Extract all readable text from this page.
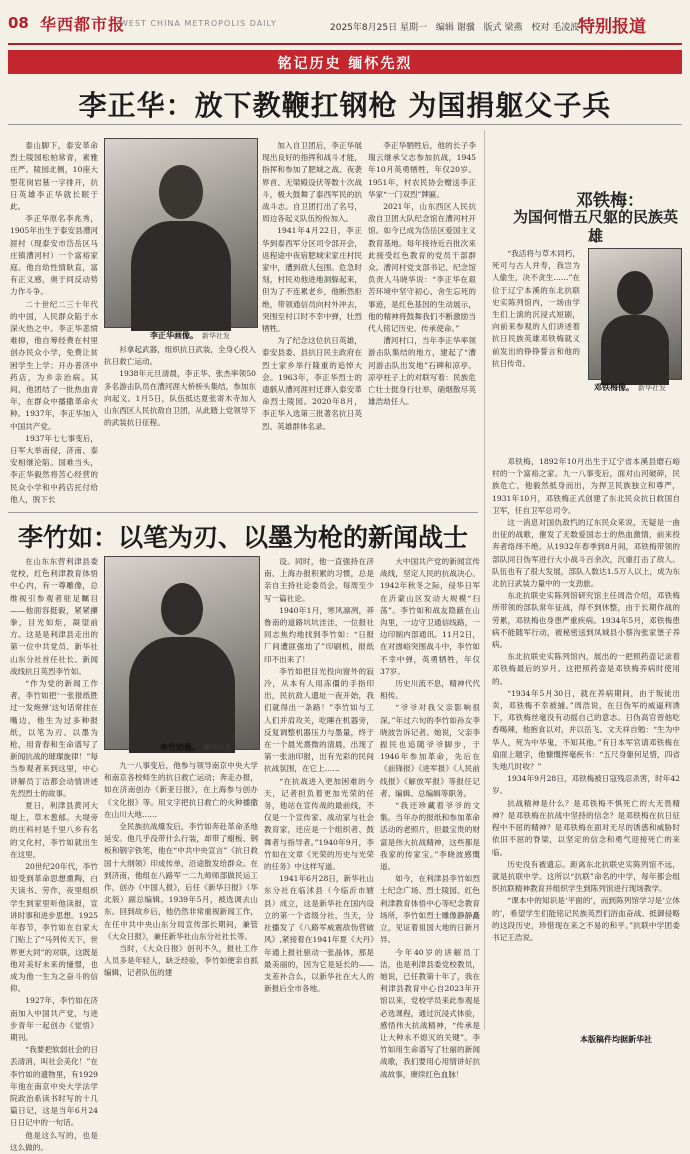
08 华西都市报
WEST CHINA METROPOLIS DAILY	2025年8月25日 星期一 编辑 谢骥 版式 梁燕 校对 毛凌波
特别报道
铭记历史 缅怀先烈
李正华：放下教鞭扛钢枪 为国捐躯父子兵

泰山脚下，泰安革命烈士陵园松柏常青，素雅庄严。陵园北侧，10座大型花岗岩墓一字排开，抗日英雄李正华就长眠于此。

李正华原名李兆秀，1905年出生于泰安县漕河涯村（现泰安市岱岳区马庄镇漕河村）一个富裕家庭。他自幼性情耿直，富有正义感，奥于同反动势力作斗争。

二十世纪二三十年代的中国，人民群众陷于水深火热之中。李正华悲愤难抑，他自筹经费在村里创办民众小学，免费让贫困学生上学；开办普济中药店，为乡亲治病。其间，他团结了一批热血青年，在群众中播撒革命火种。1937年，李正华加入中国共产党。

1937年七七事变后，日军大举南侵，济南、泰安相继沦陷。国难当头，李正华毅然将苦心经营的民众小学和中药店托付给他人，脱下长

李正华画像。 新华社发

衫拿起武器，组织抗日武装，全身心投入抗日救亡运动。

1938年元旦清晨，李正华、张杰率领50多名游击队员在漕河涯大桥桥头集结，参加东向起义。1月5日，队伍抵达夏张寄木寺加入山东西区人民抗敌自卫团，从此踏上党领导下的武装抗日征程。

加入自卫团后，李正华展现出良好的指挥和战斗才能，指挥和参加了肥城之战、夜袭界首、无梁殿设伏等数十次战斗，极大鼓舞了泰西军民的抗战斗志。自卫团打出了名号，周边各起义队伍纷纷加入。

1941年4月22日，李正华到泰西军分区司令部开会，返程途中夜宿肥城宋家庄村民家中，遭到敌人包围。危急时刻，村民劝他进地洞躲起来，但为了不连累老乡，他断然拒绝，带领通信员向村外冲去，突围至村口时不幸中弹，壮烈牺牲。

为了纪念这位抗日英雄，泰安县委、县抗日民主政府在烈士家乡举行隆重的追悼大会。1963年，李正华烈士的遗骸从漕河涯村迁葬入泰安革命烈士陵园。2020年8月，李正华入选第三批著名抗日英烈、英雄群体名录。

李正华牺牲后，他的长子李瑞云继承父志参加抗战，1945年10月英勇牺牲，年仅20岁。1951年，村农民协会赠送李正华家“一门双烈”牌匾。

2021年，山东西区人民抗敌自卫团大队纪念馆在漕河村开馆。如今已成为岱岳区爱国主义教育基地。每年接待近百批次来此接受红色教育的党员干部群众。漕河村党支部书记、纪念馆负责人马晓华说：“李正华在艰苦环境中坚守初心、舍生忘死的事迹，是红色基因的生动展示，他的精神将鼓舞我们不断激励当代人铭记历史、传承使命。”

漕河村口，当年李正华率领游击队集结的地方，建起了“漕河游击队出发地”石碑和凉亭。凉亭柱子上的对联写着：民族危亡壮士挺身行壮举，硝烟散尽英雄浩劫任人。

李竹如：以笔为刃、以墨为枪的新闻战士

在山东东营利津县委党校，红色利津教育体悟中心内，有一尊雕像，总维视引参观者驻足瞩目——他面容挺毅，紧紧攥拳，目光如炬，凝望前方。这是是利津县走出的第一位中共党员、新华社山东分社首任社长、新闻战线抗日英烈李竹如。

“作为党的新闻工作者，李竹如把‘一张报纸胜过一发炮弹’这句话常挂在嘴边，他生为过多种报纸，以笔为刃、以墨为枪，用青春和生命谱写了新闻抗战的璀璨旋律！”每当参观者来到这里，中心讲解员丁洁都会动情讲述先烈烈士的故事。

夏日，利津县黄河大堤上，草木葱郁。大堤旁的庄科村是千里八乡有名的文化村，李竹如就出生在这里。

20世纪20年代，李竹如受到革命思想熏陶，白天读书、劳作，夜里组织学生到家里听他读报，宣讲时事和进步思想。1925年春节，李竹如在自家大门贴上了“马列传天下，世界更大同”的对联，这既是他对美好未来的憧憬，也成为他一生为之奋斗的信仰。

1927年，李竹如在济南加入中国共产党，与进步青年一起创办《觉悟》期刊。

“我要把软弱社会的日丢清消，叫社会美化！”在李竹如的遗物里，有1929年他在南京中央大学法学院政治系读书时写的十几篇日记，这是当年6月24日日记中的一句话。

他是这么写的，也是这么做的。

李竹如像。 新华社发

九一八事变后，他参与领导南京中央大学和南京各校师生的抗日救亡运动；奔走办报，如在济南创办《新亚日报》，在上海参与创办《文化报》等。用文字把抗日救亡的火种播撒在山川大地……

全民族抗战爆发后，李竹如奔赴革命圣地延安。他几乎没带什么行装，却带了蜡板、钢板和钢字铁笔，他在“中共中央宣言”《抗日救国十大纲领》印成传单，沿途散发给群众。在到济南，他组在八路军一二九师师部做民运工作，创办《中国人报》，后任《新华日报》（华北版）副总编辑。1939年5月，被选调去山东。回到故乡后，他仍然非常重视新闻工作，在任中共中央山东分局宣传部长期间，兼管《大众日报》，兼任新华社山东分社社长等。

当时，《大众日报》创刊不久，报社工作人员多是年轻人，缺乏经验，李竹如便亲自抓编辑，记者队伍的建

设。同时，他一直强持在济南、上海办报积累的习惯，总是亲自主持社论委员会，每周至少写一篇社论。

1940年1月，寒风凛冽，莽鲁南的道路坑坑洼洼，一位报社同志焦灼地找到李竹如：“日报厂间遭匪强劫了”印刷机，报纸印不出来了！

李竹如把目光投向窗外的寂冷，从本有人用冻僵的手指印出，民抗敌人遗址一夜开始，我们就得出一条路！”李竹如与工人们并肩攻关，吃睡在机器旁，反复调整机器压力与墨量，终于在一个晨光熹微的清晨，出现了第一张油印报，出有光彩的民间抗战氛围，在它上……

“在抗战进入更加困难的今天，记者担负着更加光荣的任务，他站在宣传战的最前线，不仅是一个宣传家、战动家与社会教育家，还应是一个组织者、鼓舞者与指导者。”1940年9月，李竹如在文章《光荣的历史与光荣的任务》中这样写道。

1941年6月28日，新华社山东分社在临沭县（今临沂市辖县）成立，这是新华社在国内设立的第一个省级分社，当天，分社播发了《八路军威震敌伪营破风》,紧接着在1941年夏《大丹》年通上报社驱动一张晶体，那是最美丽的，因为它是延长的——支差补合么，以新华社在大人的新报后全市各地。

大中国共产党的新闻宣传战线，坚定人民的抗战决心。1942年秋冬之际，侵华日军在沂蒙山区发动大规模“扫荡”。李竹如和战友隐蔽在山沟里，一边守卫通信线路，一边印制内部通讯。11月2日，在对崮峪突围战斗中，李竹如不幸中弹，英勇牺牲，年仅37岁。

历史川流不息，精神代代相传。

“爷爷对我父亲影响很深。”年过六旬的李竹如孙女李晓波告诉记者。她说，父亲李振民也追随爷爷脚步，于1946年参加革命，先后在《前锋报》《进军报》《人民前线报》《解放军报》等报任记者、编辑、总编辑等职务。

“我还珍藏着爷爷的文集。当年办的报纸和参加革命活动的老照片，但最宝贵的财富是伟大抗战精神，这些都是我家的传家宝。”李晓波感慨道。

如今，在利津县李竹如烈士纪念广场、烈士陵园、红色利津教育体悟中心等纪念教育场所，李竹如烈士雕像静静矗立，见证着祖国大地的日新月异。

今年40岁的讲解员丁洁，也是利津县委党校教员，她说，已任教第十年了，我在利津县教育中心自2023年开馆以来，党校学员来此参观是必选课程，通过沉浸式体验，感悟伟大抗战精神，“传承是让大种永不熄灭的关键”。李竹如用生命谱写了壮丽的新闻战歌，我们要用心用情讲好抗战故事，赓续红色血脉！

邓铁梅：
为国何惜五尺躯的民族英雄

“我活将与草木同朽，死可与古人并寿，我岂为人偷生，决不贪生……”在位于辽宁本溪的东北抗联史实陈列馆内，一场由学生们上演的沉浸式短剧，向前来参观的人们讲述着抗日民族英雄邓铁梅就义前发出的铮铮誓言和他的抗日传奇。

邓铁梅像。 新华社发

邓铁梅，1892年10月出生于辽宁省本溪县磨石峪村的一个富裕之家。九一八事变后，面对山河破碎，民族危亡，他毅然抵身而出，为捍卫民族独立和尊严，1931年10月，邓铁梅正式创建了东北民众抗日救国自卫军，任自卫军总司令。

这一消息对国仇敌忾的辽东民众来说，无疑是一曲出征的战歌，催发了无数爱国志士的热血激情，前来投奔者络绎不绝。从1932年春季到8月间，邓铁梅带领的部队同日伪军进行大小战斗百余次，沉重打击了敌人。队伍也有了很大发展，部队人数达1.5万人以上，成为东北抗日武装力量中的一支劲旅。

东北抗联史实陈列馆研究馆主任周浩介绍，邓铁梅所带领的部队常年征战，得不到休整，由于长期作战的劳累，邓铁梅也身患严重疾病。1934年5月，邓铁梅患病不能随军行动，被秘密送到凤城县小蔡沟张家堡子养病。

东北抗联史实陈列馆内，展出的一把照药壶记录着邓铁梅最后的岁月。这把照药壶是邓铁梅养病时使用的。

“1934年5月30日，就在养病期间，由于叛徒出卖，邓铁梅不幸被捕。”周浩说，在日伪军的威逼利诱下，邓铁梅丝毫没有动摇自己的意志。日伪高官曾他吃香喝辣，他抱食以对，并以岳飞、文天祥自勉：“生为中华人，死为中华鬼，不知其他。”有日本军官请邓铁梅在扇面上题字，他慷慨挥毫疾书：“五尺身躯何足惜，四省失地几时收？”

1934年9月28日，邓铁梅被日寇残忍杀害，时年42岁。

抗战精神是什么？是邓铁梅不惧死亡的大无畏精神？是邓铁梅在抗战中坚持的信念？是邓铁梅在抗日征程中不屈的精神？是邓铁梅在面对无尽的诱惑和威胁时依旧不屈的脊梁，以坚定的信念和勇气迎接死亡的来临。

历史没有被遗忘。距离东北抗联史实陈列馆不远，就是抗联中学。这所以“抗联”命名的中学，每年都会组织抗联精神教育并组织学生到陈列馆进行现场教学。

“课本中的知识是‘平面的’，而到陈列馆学习是‘立体的’，希望学生们能铭记民族英烈们浴血奋战、抵御侵略的这段历史，珍惜现在来之不易的和平。”抗联中学团委书记王浩说。

本版稿件均据新华社
